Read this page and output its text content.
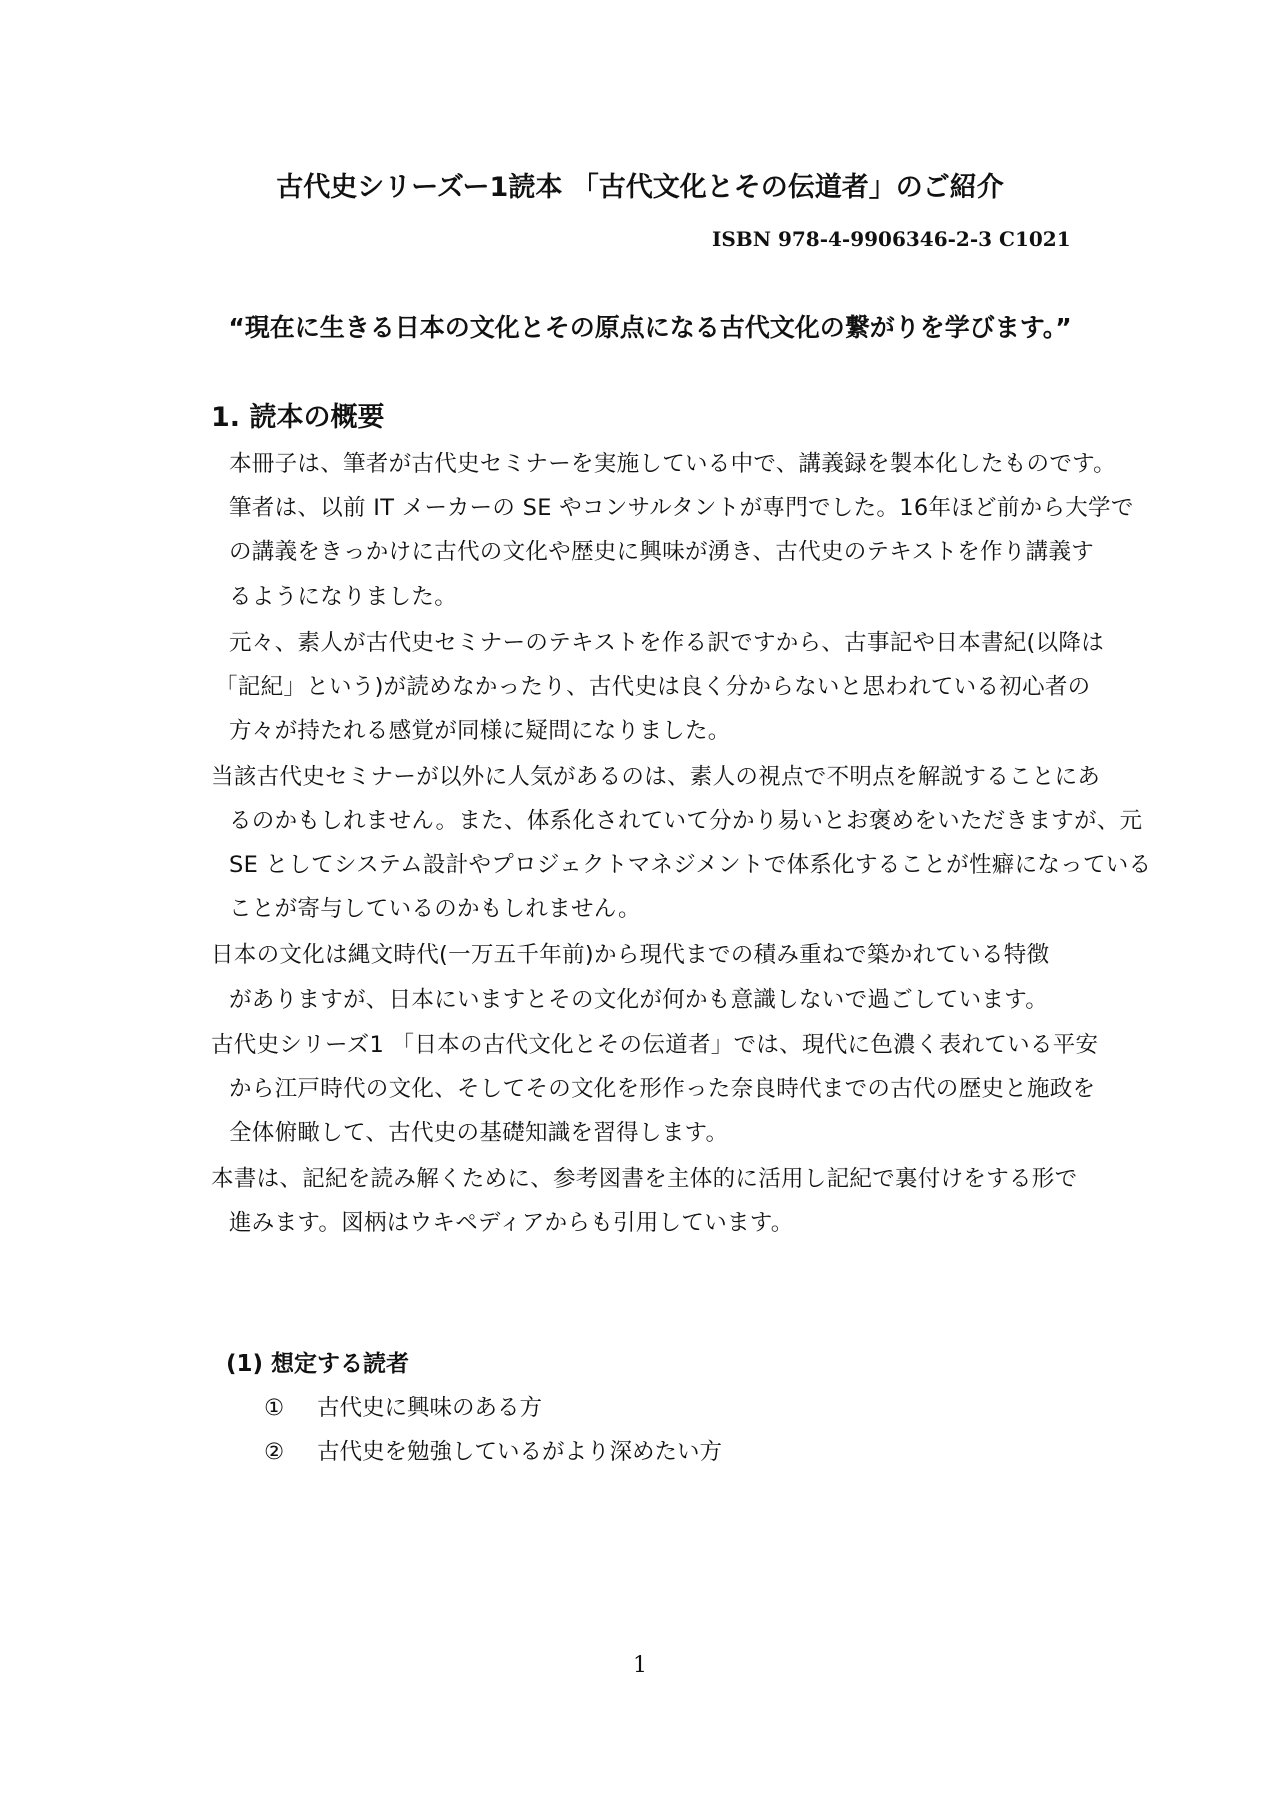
古代史シリーズー1読本 「古代文化とその伝道者」のご紹介
ISBN 978-4-9906346-2-3 C1021
“現在に生きる日本の文化とその原点になる古代文化の繋がりを学びます。”
1. 読本の概要
本冊子は、筆者が古代史セミナーを実施している中で、講義録を製本化したものです。
筆者は、以前 IT メーカーの SE やコンサルタントが専門でした。16年ほど前から大学で
の講義をきっかけに古代の文化や歴史に興味が湧き、古代史のテキストを作り講義す
るようになりました。
元々、素人が古代史セミナーのテキストを作る訳ですから、古事記や日本書紀(以降は
「記紀」という)が読めなかったり、古代史は良く分からないと思われている初心者の
方々が持たれる感覚が同様に疑問になりました。
当該古代史セミナーが以外に人気があるのは、素人の視点で不明点を解説することにあ
るのかもしれません。また、体系化されていて分かり易いとお褒めをいただきますが、元
SE としてシステム設計やプロジェクトマネジメントで体系化することが性癖になっている
ことが寄与しているのかもしれません。
日本の文化は縄文時代(一万五千年前)から現代までの積み重ねで築かれている特徴
がありますが、日本にいますとその文化が何かも意識しないで過ごしています。
古代史シリーズ1 「日本の古代文化とその伝道者」では、現代に色濃く表れている平安
から江戸時代の文化、そしてその文化を形作った奈良時代までの古代の歴史と施政を
全体俯瞰して、古代史の基礎知識を習得します。
本書は、記紀を読み解くために、参考図書を主体的に活用し記紀で裏付けをする形で
進みます。図柄はウキペディアからも引用しています。
(1) 想定する読者
① 古代史に興味のある方
② 古代史を勉強しているがより深めたい方
1
